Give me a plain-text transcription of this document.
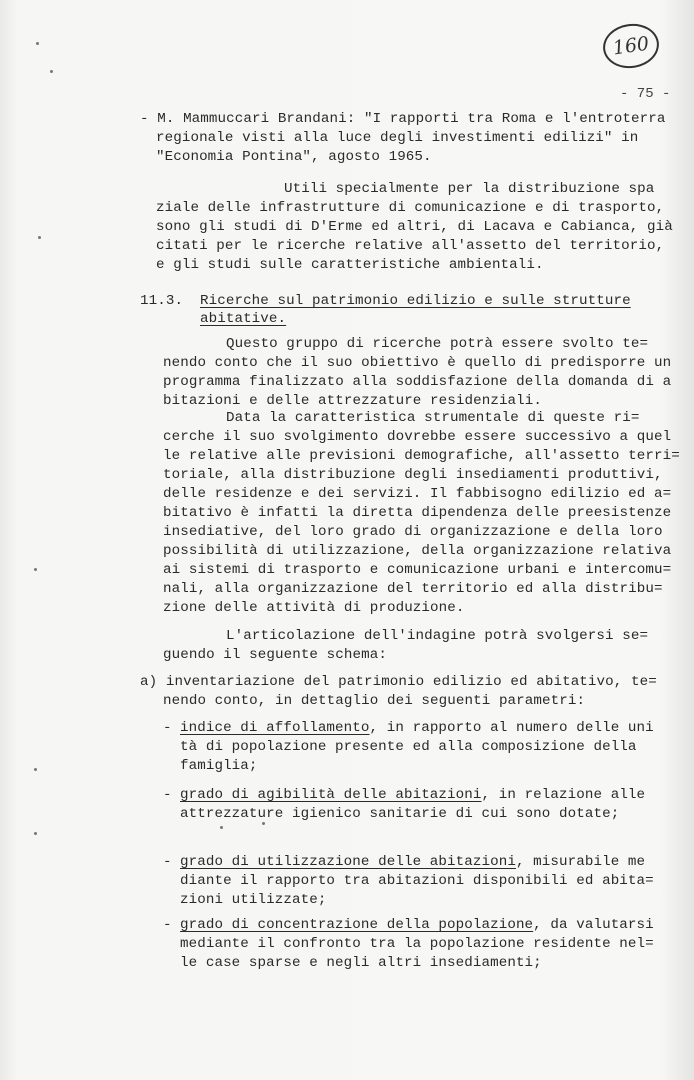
160
- 75 -
- M. Mammuccari Brandani: "I rapporti tra Roma e l'entroterra
regionale visti alla luce degli investimenti edilizi" in
"Economia Pontina", agosto 1965.
Utili specialmente per la distribuzione spa
ziale delle infrastrutture di comunicazione e di trasporto,
sono gli studi di D'Erme ed altri, di Lacava e Cabianca, già
citati per le ricerche relative all'assetto del territorio,
e gli studi sulle caratteristiche ambientali.
11.3. Ricerche sul patrimonio edilizio e sulle strutture
abitative.
Questo gruppo di ricerche potrà essere svolto te=
nendo conto che il suo obiettivo è quello di predisporre un
programma finalizzato alla soddisfazione della domanda di a
bitazioni e delle attrezzature residenziali.
Data la caratteristica strumentale di queste ri=
cerche il suo svolgimento dovrebbe essere successivo a quel
le relative alle previsioni demografiche, all'assetto terri=
toriale, alla distribuzione degli insediamenti produttivi,
delle residenze e dei servizi. Il fabbisogno edilizio ed a=
bitativo è infatti la diretta dipendenza delle preesistenze
insediative, del loro grado di organizzazione e della loro
possibilità di utilizzazione, della organizzazione relativa
ai sistemi di trasporto e comunicazione urbani e intercomu=
nali, alla organizzazione del territorio ed alla distribu=
zione delle attività di produzione.
L'articolazione dell'indagine potrà svolgersi se=
guendo il seguente schema:
a) inventariazione del patrimonio edilizio ed abitativo, te=
nendo conto, in dettaglio dei seguenti parametri:
- indice di affollamento, in rapporto al numero delle uni
tà di popolazione presente ed alla composizione della
famiglia;
- grado di agibilità delle abitazioni, in relazione alle
attrezzature igienico sanitarie di cui sono dotate;
- grado di utilizzazione delle abitazioni, misurabile me
diante il rapporto tra abitazioni disponibili ed abita=
zioni utilizzate;
- grado di concentrazione della popolazione, da valutarsi
mediante il confronto tra la popolazione residente nel=
le case sparse e negli altri insediamenti;
